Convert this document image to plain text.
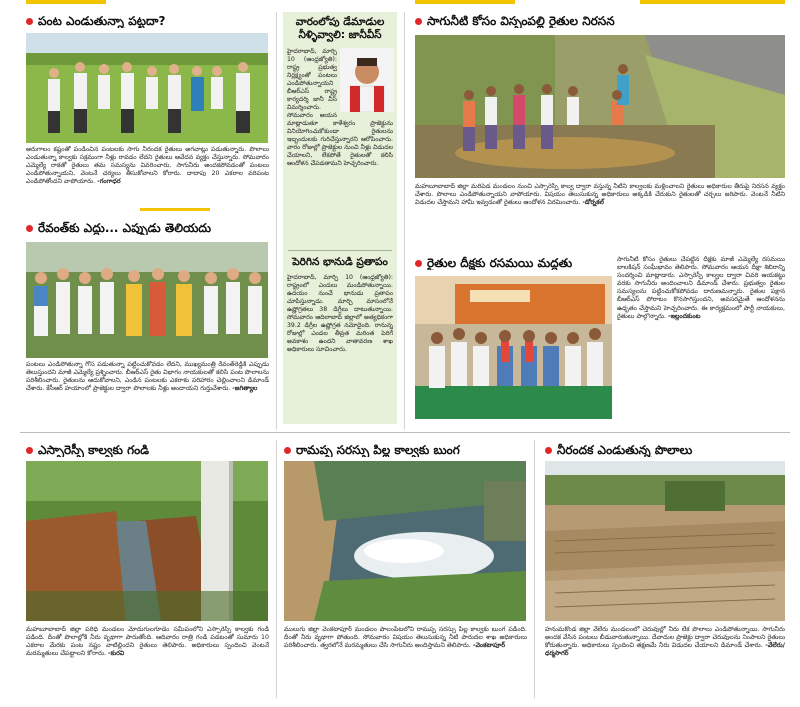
పంట ఎండుతున్నా పట్టదా?
అరుగాలం కష్టంతో పండించిన పంటలకు సాగు నీరందక రైతులు అగచాట్లు పడుతున్నారు. పొలాలు ఎండుతున్నా కాల్వకు సక్రమంగా నీళ్లు రావడం లేదని రైతులు ఆవేదన వ్యక్తం చేస్తున్నారు. సోమవారం ఎమ్మెల్యే రాకతో రైతులు తమ సమస్యను వివరించారు. సాగునీరు అందకపోవడంతో పంటలు ఎండిపోతున్నాయని, వెంటనే చర్యలు తీసుకోవాలని కోరారు. దాదాపు 20 ఎకరాల వరిపంట ఎండిపోతోందని వాపోయారు. -గంగాధర
రేవంత్‌కు ఎద్దు... ఎప్పుడు తెలియదు
పంటలు ఎండిపోతున్నా గోస పడుతున్నా పట్టించుకోవడం లేదని, ముఖ్యమంత్రి రేవంత్‌రెడ్డికి ఎప్పుడు తెలుస్తుందని మాజీ ఎమ్మెల్యే ప్రశ్నించారు. బీఆర్‌ఎస్ రైతు విభాగం నాయకులతో కలిసి పంట పొలాలను పరిశీలించారు. రైతులను ఆదుకోవాలని, ఎండిన పంటలకు ఎకరాకు పరిహారం చెల్లించాలని డిమాండ్ చేశారు. కేసీఆర్ హయాంలో ప్రాజెక్టుల ద్వారా పొలాలకు నీళ్లు అందాయని గుర్తుచేశారు. -జగిత్యాల
వారంలోపు డేమాడుల నీళ్ళివ్వాలి: జానీవీస్
హైదరాబాద్, మార్చి 10 (ఆంధ్రజ్యోతి): రాష్ట్ర ప్రభుత్వ నిర్లక్ష్యంతో పంటలు ఎండిపోతున్నాయని బీఆర్‌ఎస్ రాష్ట్ర కార్యదర్శి జానీ వీస్ విమర్శించారు. సోమవారం ఆయన మాట్లాడుతూ కాళేశ్వరం ప్రాజెక్టును వినియోగించుకోకుండా రైతులను ఇబ్బందులకు గురిచేస్తున్నారని ఆరోపించారు. వారం రోజుల్లో ప్రాజెక్టుల నుంచి నీళ్లు విడుదల చేయాలని, లేకపోతే రైతులతో కలిసి ఆందోళన చేపడతామని హెచ్చరించారు.
పెరిగిన భానుడి ప్రతాపం
హైదరాబాద్, మార్చి 10 (ఆంధ్రజ్యోతి): రాష్ట్రంలో ఎండలు మండిపోతున్నాయి. ఉదయం నుంచే భానుడు ప్రతాపం చూపిస్తున్నాడు. మార్చి మాసంలోనే ఉష్ణోగ్రతలు 38 డిగ్రీలు దాటుతున్నాయి. సోమవారం ఆదిలాబాద్ జిల్లాలో అత్యధికంగా 39.2 డిగ్రీల ఉష్ణోగ్రత నమోదైంది. రానున్న రోజుల్లో ఎండల తీవ్రత మరింత పెరిగే అవకాశం ఉందని వాతావరణ శాఖ అధికారులు సూచించారు.
సాగునీటి కోసం విస్సంపల్లి రైతుల నిరసన
మహబూబాబాద్ జిల్లా మరిపెడ మండలం నుంచి ఎస్సారెస్పీ కాల్వ ద్వారా వస్తున్న నీటిని కాల్వలకు మళ్లించాలని రైతులు అధికారుల తీరుపై నిరసన వ్యక్తం చేశారు. పొలాలు ఎండిపోతున్నాయని వాపోయారు. విషయం తెలుసుకున్న అధికారులు అక్కడికి చేరుకుని రైతులతో చర్చలు జరిపారు. వెంటనే నీటిని విడుదల చేస్తామని హామీ ఇవ్వడంతో రైతులు ఆందోళన విరమించారు. -డోర్నకల్
రైతుల దీక్షకు రసమయి మద్దతు	సాగునీటి కోసం రైతులు చేపట్టిన దీక్షకు మాజీ ఎమ్మెల్యే రసమయి బాలకిషన్ సంఘీభావం తెలిపారు. సోమవారం ఆయన దీక్షా శిబిరాన్ని సందర్శించి మాట్లాడారు. ఎస్సారెస్పీ కాల్వల ద్వారా చివరి ఆయకట్టు వరకు సాగునీరు అందించాలని డిమాండ్ చేశారు. ప్రభుత్వం రైతుల సమస్యలను పట్టించుకోకపోవడం దారుణమన్నారు. రైతుల పక్షాన బీఆర్‌ఎస్ పోరాటం కొనసాగిస్తుందని, అవసరమైతే ఆందోళనను ఉధృతం చేస్తామని హెచ్చరించారు. ఈ కార్యక్రమంలో పార్టీ నాయకులు, రైతులు పాల్గొన్నారు. -ఇల్లందకుంట
ఎస్సారెస్పీ కాల్వకు గండి
మహబూబాబాద్ జిల్లా పరిధి మండలం మోదుగులగూడెం సమీపంలోని ఎస్సారెస్పీ కాల్వకు గండి పడింది. దీంతో పొలాల్లోకి నీరు వృథాగా పారుతోంది. ఆదివారం రాత్రి గండి పడటంతో సుమారు 10 ఎకరాల మేరకు పంట నష్టం వాటిల్లిందని రైతులు తెలిపారు. అధికారులు స్పందించి వెంటనే మరమ్మతులు చేపట్టాలని కోరారు. -కురవి
రామప్ప సరస్సు పిల్ల కాల్వకు బుంగ
ములుగు జిల్లా వెంకటాపూర్ మండలం పాలంపేటలోని రామప్ప సరస్సు పిల్ల కాల్వకు బుంగ పడింది. దీంతో నీరు వృథాగా పోతుంది. సోమవారం విషయం తెలుసుకున్న నీటి పారుదల శాఖ అధికారులు పరిశీలించారు. త్వరలోనే మరమ్మతులు చేసి సాగునీరు అందిస్తామని తెలిపారు. -వెంకటాపూర్
నీరందక ఎండుతున్న పొలాలు
హనుమకొండ జిల్లా వేలేరు మండలంలో చెరువుల్లో నీరు లేక పొలాలు ఎండిపోతున్నాయి. సాగునీరు అందక వేసిన పంటలు బీడువారుతున్నాయి. దేవాదుల ప్రాజెక్టు ద్వారా చెరువులను నింపాలని రైతులు కోరుతున్నారు. అధికారులు స్పందించి తక్షణమే నీరు విడుదల చేయాలని డిమాండ్ చేశారు. -వేలేరు/ధర్మసాగర్
